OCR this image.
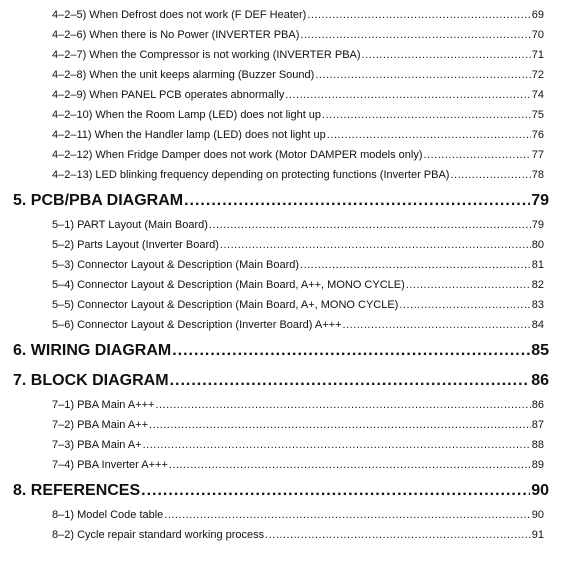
4–2–5) When Defrost does not work (F DEF Heater) .....	69
4–2–6) When there is No Power (INVERTER PBA) .....	70
4–2–7) When the Compressor is not working (INVERTER PBA) .....	71
4–2–8) When the unit keeps alarming (Buzzer Sound) .....	72
4–2–9) When PANEL PCB operates abnormally .....	74
4–2–10) When the Room Lamp (LED) does not light up .....	75
4–2–11) When the Handler lamp (LED) does not light up .....	76
4–2–12) When Fridge Damper does not work (Motor DAMPER models only) .....	77
4–2–13) LED blinking frequency depending on protecting functions (Inverter PBA) .....	78
5. PCB/PBA DIAGRAM .....	79
5–1) PART Layout (Main Board) .....	79
5–2) Parts Layout (Inverter Board) .....	80
5–3) Connector Layout & Description (Main Board) .....	81
5–4) Connector Layout & Description (Main Board, A++, MONO CYCLE) .....	82
5–5) Connector Layout & Description (Main Board, A+, MONO CYCLE) .....	83
5–6) Connector Layout & Description (Inverter Board) A+++ .....	84
6. WIRING DIAGRAM .....	85
7. BLOCK DIAGRAM .....	86
7–1) PBA Main A+++ .....	86
7–2) PBA Main A++ .....	87
7–3) PBA Main A+ .....	88
7–4) PBA Inverter A+++ .....	89
8. REFERENCES .....	90
8–1) Model Code table .....	90
8–2) Cycle repair standard working process .....	91
